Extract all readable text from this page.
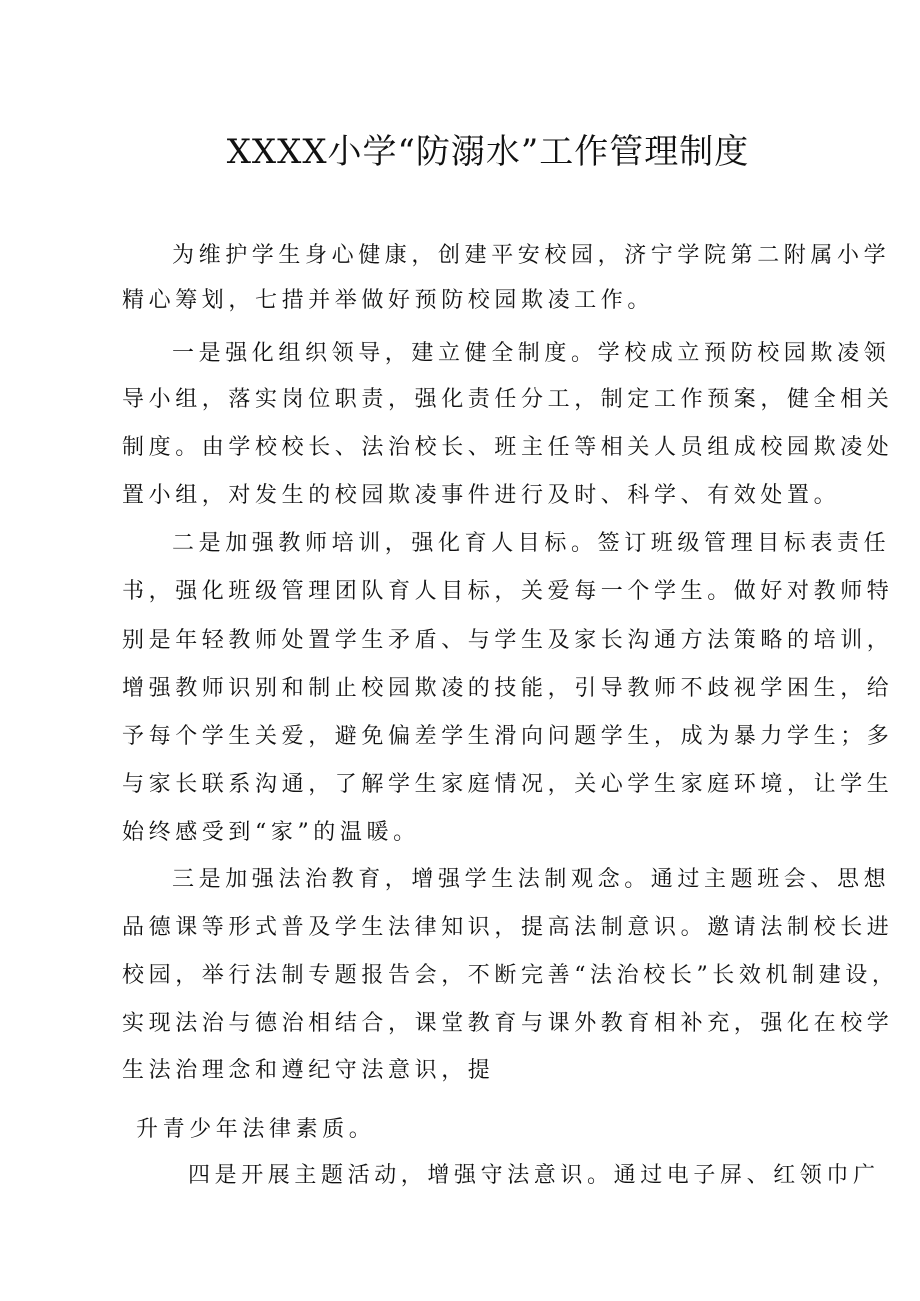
XXXX小学“防溺水”工作管理制度
为维护学生身心健康，创建平安校园，济宁学院第二附属小学
精心筹划，七措并举做好预防校园欺凌工作。
一是强化组织领导，建立健全制度。学校成立预防校园欺凌领
导小组，落实岗位职责，强化责任分工，制定工作预案，健全相关
制度。由学校校长、法治校长、班主任等相关人员组成校园欺凌处
置小组，对发生的校园欺凌事件进行及时、科学、有效处置。
二是加强教师培训，强化育人目标。签订班级管理目标表责任
书，强化班级管理团队育人目标，关爱每一个学生。做好对教师特
别是年轻教师处置学生矛盾、与学生及家长沟通方法策略的培训，
增强教师识别和制止校园欺凌的技能，引导教师不歧视学困生，给
予每个学生关爱，避免偏差学生滑向问题学生，成为暴力学生；多
与家长联系沟通，了解学生家庭情况，关心学生家庭环境，让学生
始终感受到“家”的温暖。
三是加强法治教育，增强学生法制观念。通过主题班会、思想
品德课等形式普及学生法律知识，提高法制意识。邀请法制校长进
校园，举行法制专题报告会，不断完善“法治校长”长效机制建设，
实现法治与德治相结合，课堂教育与课外教育相补充，强化在校学
生法治理念和遵纪守法意识，提
升青少年法律素质。
四是开展主题活动，增强守法意识。通过电子屏、红领巾广
